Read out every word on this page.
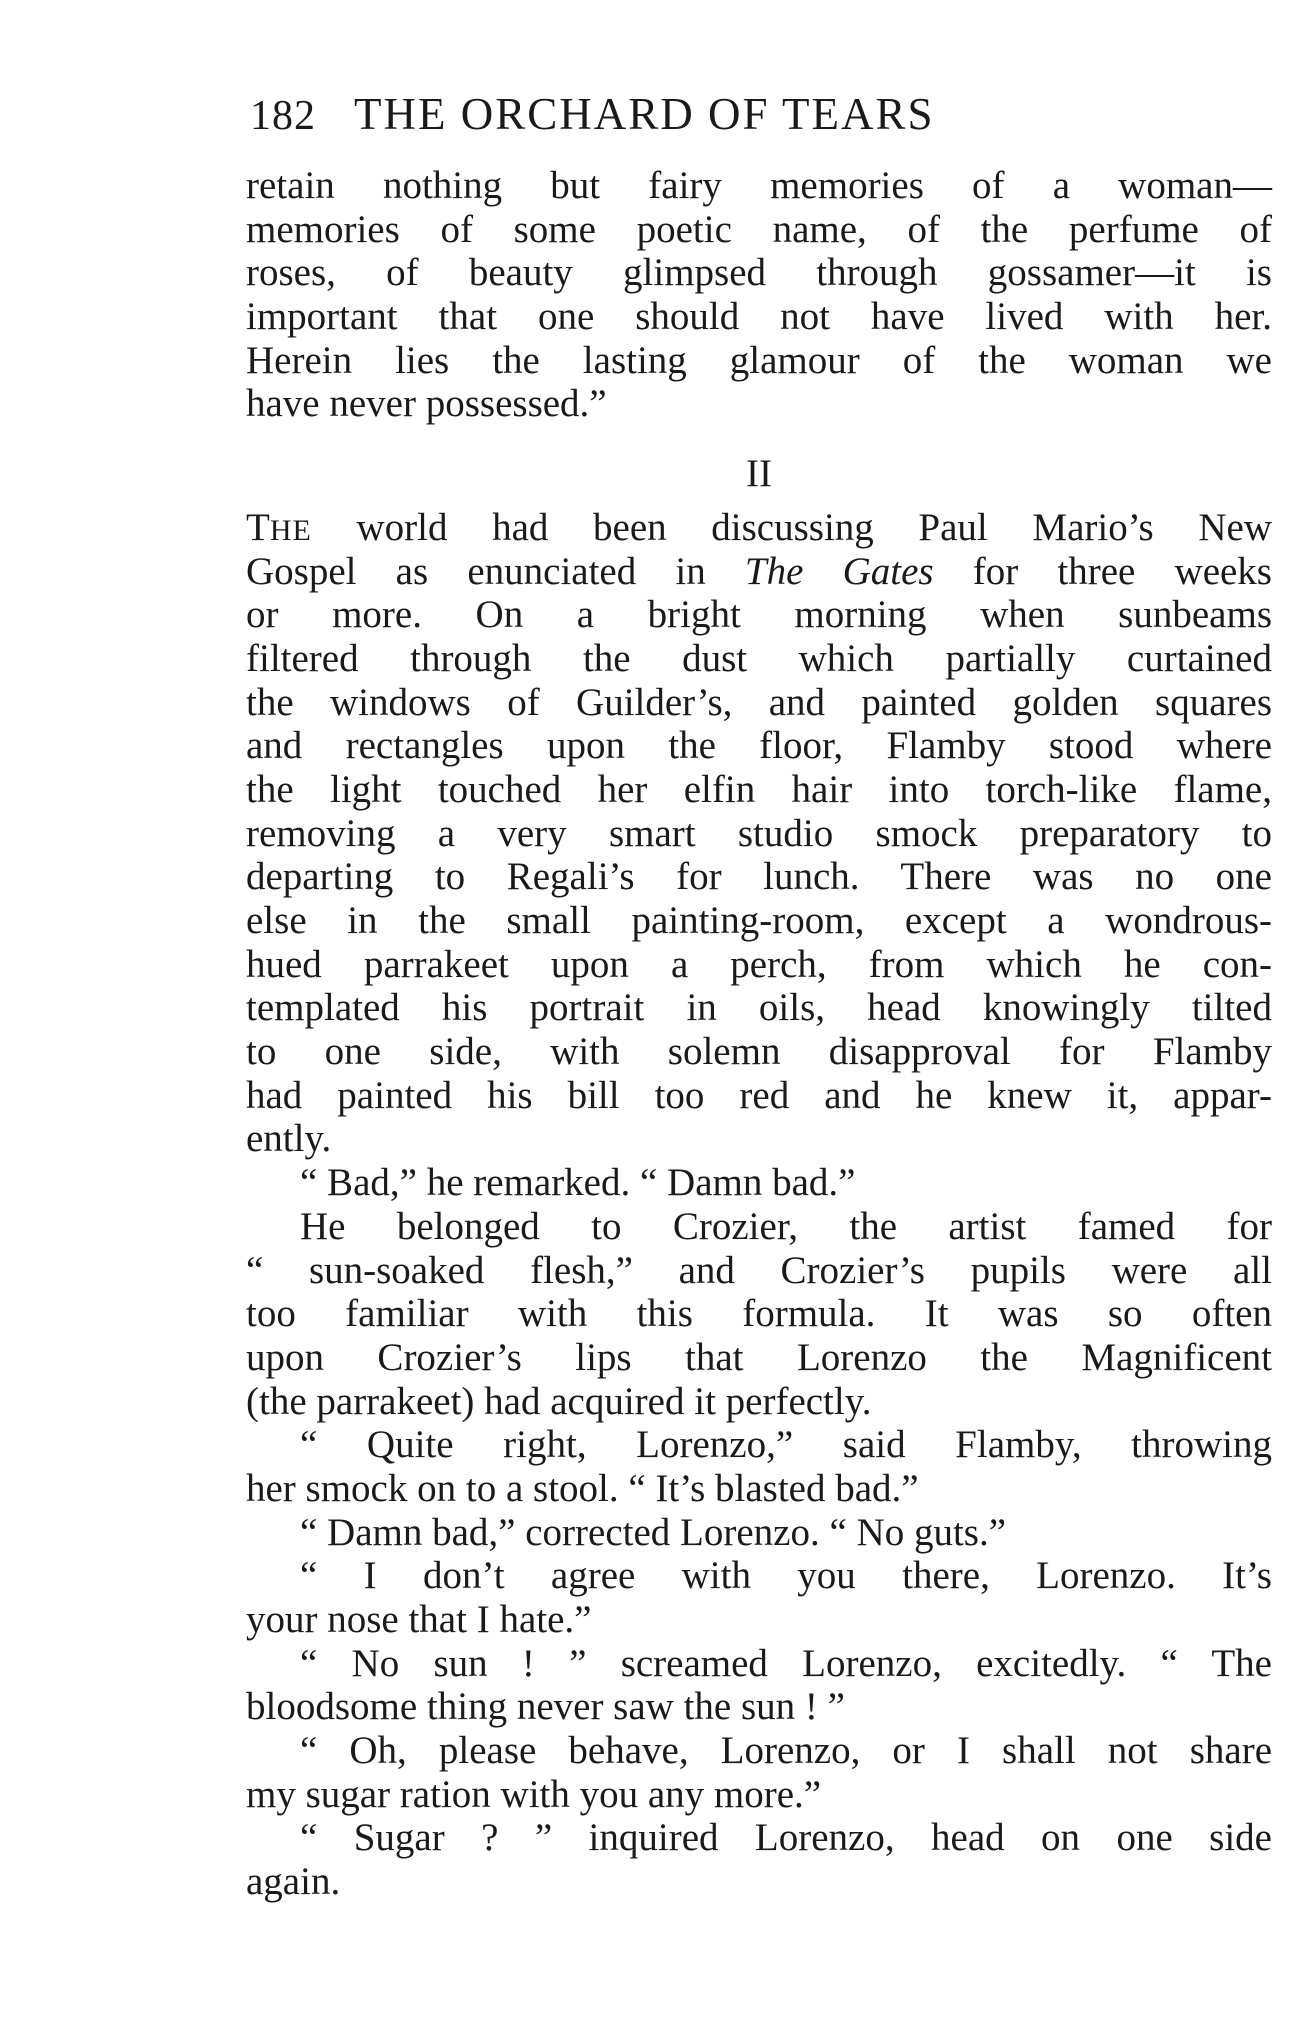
182 THE ORCHARD OF TEARS
retain nothing but fairy memories of a woman—
memories of some poetic name, of the perfume of
roses, of beauty glimpsed through gossamer—it is
important that one should not have lived with her.
Herein lies the lasting glamour of the woman we
have never possessed.”
II
THE world had been discussing Paul Mario’s New
Gospel as enunciated in The Gates for three weeks
or more. On a bright morning when sunbeams
filtered through the dust which partially curtained
the windows of Guilder’s, and painted golden squares
and rectangles upon the floor, Flamby stood where
the light touched her elfin hair into torch-like flame,
removing a very smart studio smock preparatory to
departing to Regali’s for lunch. There was no one
else in the small painting-room, except a wondrous-
hued parrakeet upon a perch, from which he con-
templated his portrait in oils, head knowingly tilted
to one side, with solemn disapproval for Flamby
had painted his bill too red and he knew it, appar-
ently.
“ Bad,” he remarked. “ Damn bad.”
He belonged to Crozier, the artist famed for
“ sun-soaked flesh,” and Crozier’s pupils were all
too familiar with this formula. It was so often
upon Crozier’s lips that Lorenzo the Magnificent
(the parrakeet) had acquired it perfectly.
“ Quite right, Lorenzo,” said Flamby, throwing
her smock on to a stool. “ It’s blasted bad.”
“ Damn bad,” corrected Lorenzo. “ No guts.”
“ I don’t agree with you there, Lorenzo. It’s
your nose that I hate.”
“ No sun ! ” screamed Lorenzo, excitedly. “ The
bloodsome thing never saw the sun ! ”
“ Oh, please behave, Lorenzo, or I shall not share
my sugar ration with you any more.”
“ Sugar ? ” inquired Lorenzo, head on one side
again.
